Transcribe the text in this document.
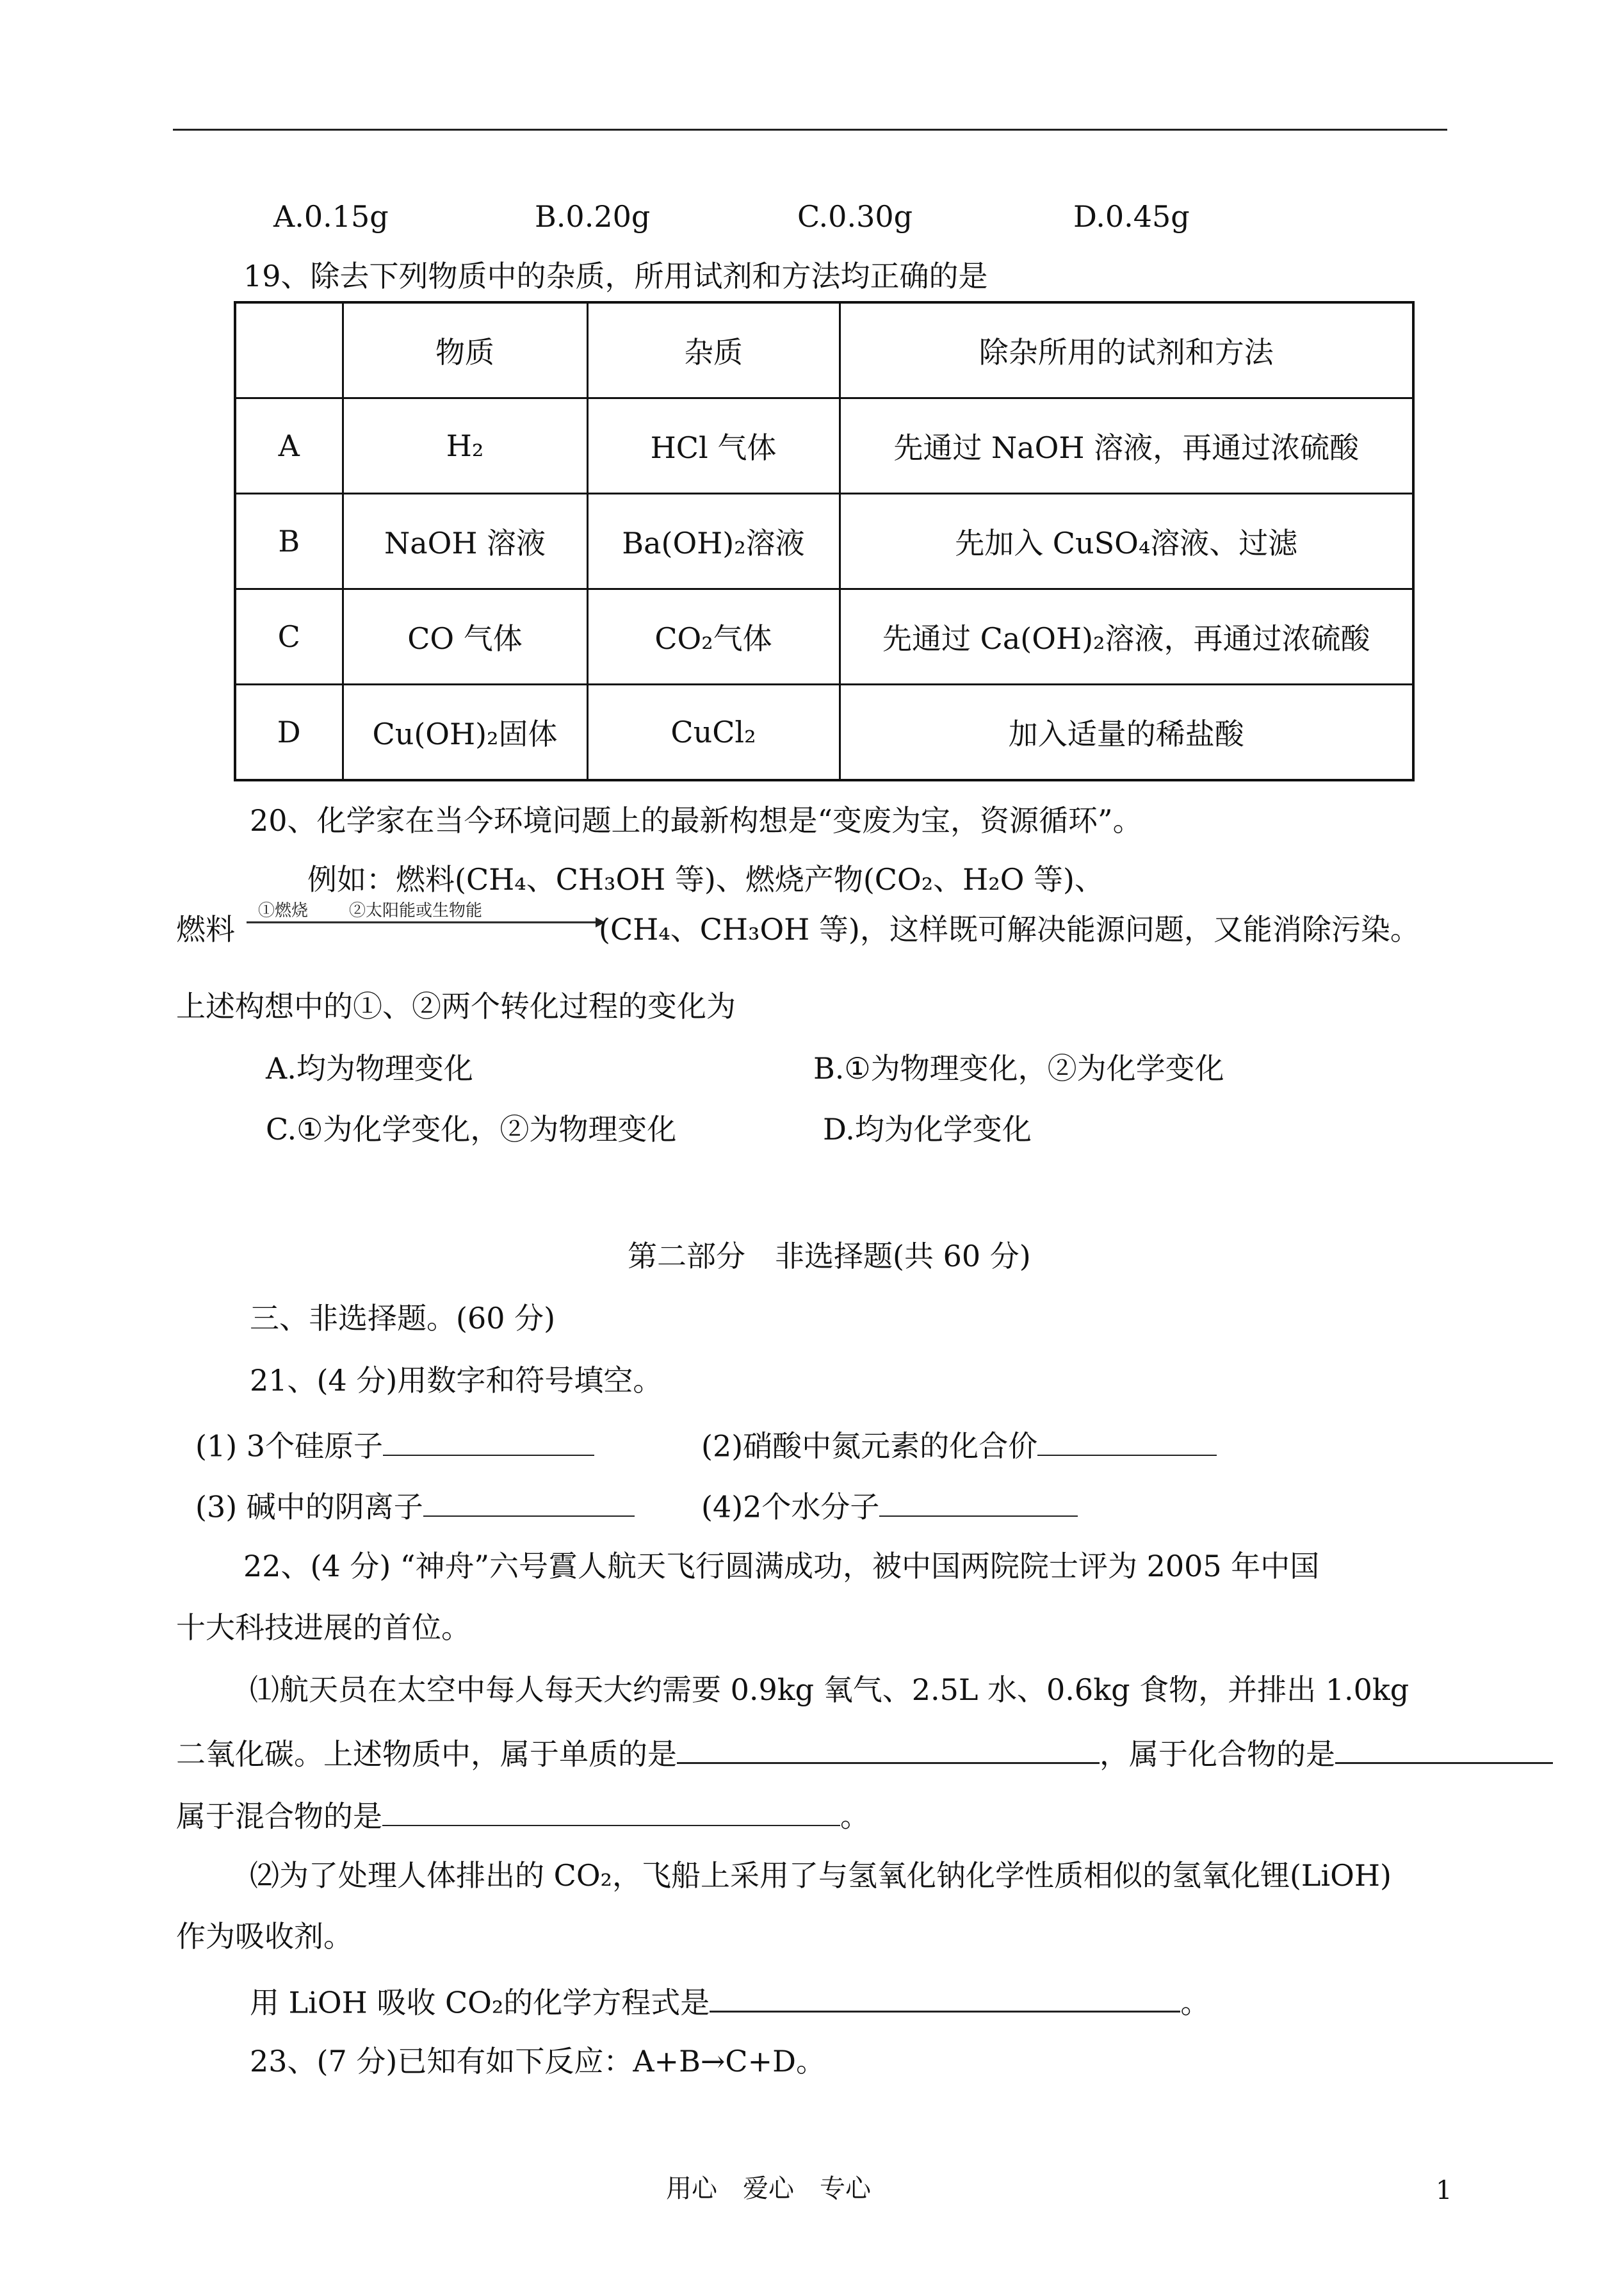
A.0.15g	B.0.20g	C.0.30g	D.0.45g
19、除去下列物质中的杂质，所用试剂和方法均正确的是
	物质	杂质	除杂所用的试剂和方法
A	H₂	HCl 气体	先通过 NaOH 溶液，再通过浓硫酸
B	NaOH 溶液	Ba(OH)₂溶液	先加入 CuSO₄溶液、过滤
C	CO 气体	CO₂气体	先通过 Ca(OH)₂溶液，再通过浓硫酸
D	Cu(OH)₂固体	CuCl₂	加入适量的稀盐酸
20、化学家在当今环境问题上的最新构想是“变废为宝，资源循环”。
例如：燃料(CH₄、CH₃OH 等)、燃烧产物(CO₂、H₂O 等)、
燃料
①燃烧 ②太阳能或生物能
(CH₄、CH₃OH 等)，这样既可解决能源问题，又能消除污染。
上述构想中的①、②两个转化过程的变化为
A.均为物理变化	B.①为物理变化，②为化学变化
C.①为化学变化，②为物理变化	D.均为化学变化
第二部分　非选择题(共 60 分)
三、非选择题。(60 分)
21、(4 分)用数字和符号填空。
(1) 3个硅原子	(2)硝酸中氮元素的化合价
(3) 碱中的阴离子	(4)2个水分子
22、(4 分) “神舟”六号霣人航天飞行圆满成功，被中国两院院士评为 2005 年中国
十大科技进展的首位。
⑴航天员在太空中每人每天大约需要 0.9kg 氧气、2.5L 水、0.6kg 食物，并排出 1.0kg
二氧化碳。上述物质中，属于单质的是	，属于化合物的是
属于混合物的是	。
⑵为了处理人体排出的 CO₂，飞船上采用了与氢氧化钠化学性质相似的氢氧化锂(LiOH)
作为吸收剂。
用 LiOH 吸收 CO₂的化学方程式是	。
23、(7 分)已知有如下反应：A+B→C+D。
用心　爱心　专心	1
